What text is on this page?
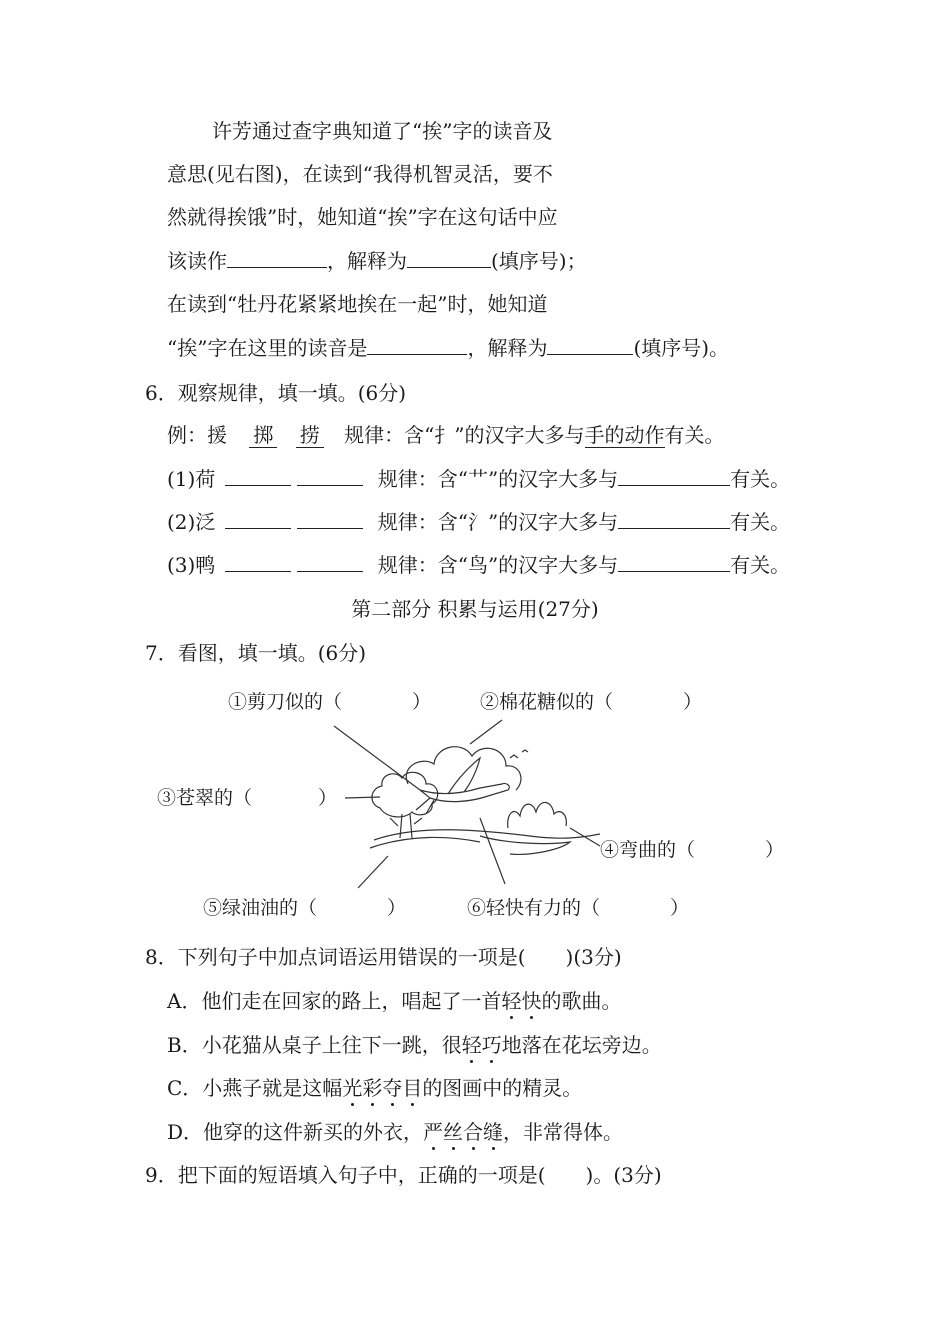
许芳通过查字典知道了“挨”字的读音及
意思(见右图)，在读到“我得机智灵活，要不
然就得挨饿”时，她知道“挨”字在这句话中应
该读作	，解释为	(填序号)；
在读到“牡丹花紧紧地挨在一起”时，她知道
“挨”字在这里的读音是	，解释为	(填序号)。
6．观察规律，填一填。(6分)
例：援 掷 捞 规律：含“扌”的汉字大多与手的动作有关。
(1)荷	规律：含“艹”的汉字大多与	有关。
(2)泛	规律：含“氵”的汉字大多与	有关。
(3)鸭	规律：含“鸟”的汉字大多与	有关。
第二部分 积累与运用(27分)
7．看图，填一填。(6分)
①剪刀似的（	）	②棉花糖似的（	）
③苍翠的（	）
④弯曲的（	）
⑤绿油油的（	）	⑥轻快有力的（	）
8．下列句子中加点词语运用错误的一项是(　　)(3分)
A．他们走在回家的路上，唱起了一首轻快的歌曲。
B．小花猫从桌子上往下一跳，很轻巧地落在花坛旁边。
C．小燕子就是这幅光彩夺目的图画中的精灵。
D．他穿的这件新买的外衣，严丝合缝，非常得体。
9．把下面的短语填入句子中，正确的一项是(　　)。(3分)
